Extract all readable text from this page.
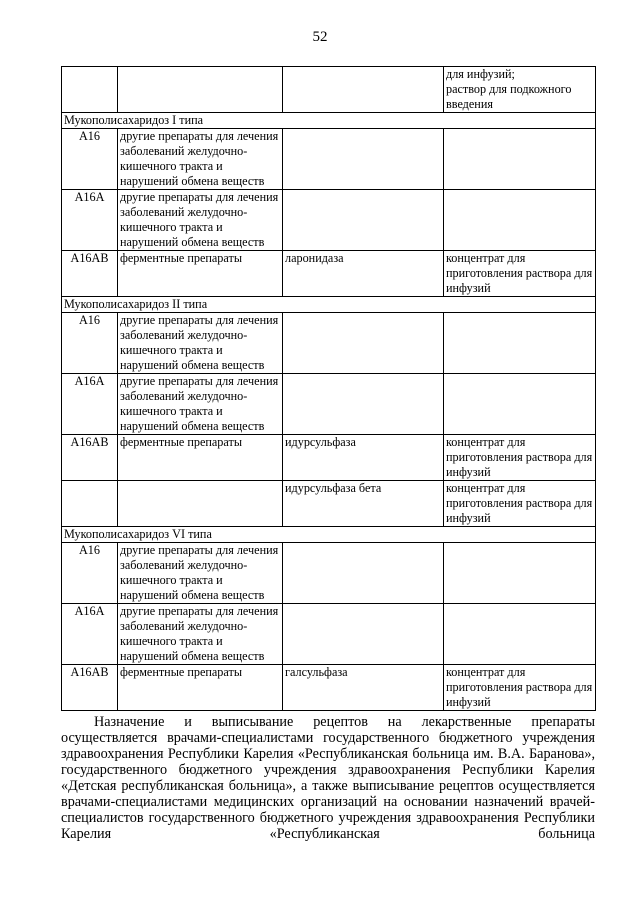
52
			для инфузий;
раствор для подкожного введения
Мукополисахаридоз I типа			
A16	другие препараты для лечения заболеваний желудочно-кишечного тракта и нарушений обмена веществ		
A16A	другие препараты для лечения заболеваний желудочно-кишечного тракта и нарушений обмена веществ		
A16AB	ферментные препараты	ларонидаза	концентрат для приготовления раствора для инфузий
Мукополисахаридоз II типа			
A16	другие препараты для лечения заболеваний желудочно-кишечного тракта и нарушений обмена веществ		
A16A	другие препараты для лечения заболеваний желудочно-кишечного тракта и нарушений обмена веществ		
A16AB	ферментные препараты	идурсульфаза	концентрат для приготовления раствора для инфузий
		идурсульфаза бета	концентрат для приготовления раствора для инфузий
Мукополисахаридоз VI типа			
A16	другие препараты для лечения заболеваний желудочно-кишечного тракта и нарушений обмена веществ		
A16A	другие препараты для лечения заболеваний желудочно-кишечного тракта и нарушений обмена веществ		
A16AB	ферментные препараты	галсульфаза	концентрат для приготовления раствора для инфузий

Назначение и выписывание рецептов на лекарственные препараты осуществляется врачами-специалистами государственного бюджетного учреждения здравоохранения Республики Карелия «Республиканская больница им. В.А. Баранова», государственного бюджетного учреждения здравоохранения Республики Карелия «Детская республиканская больница», а также выписывание рецептов осуществляется врачами-специалистами медицинских организаций на основании назначений врачей-специалистов государственного бюджетного учреждения здравоохранения Республики Карелия «Республиканская больница
